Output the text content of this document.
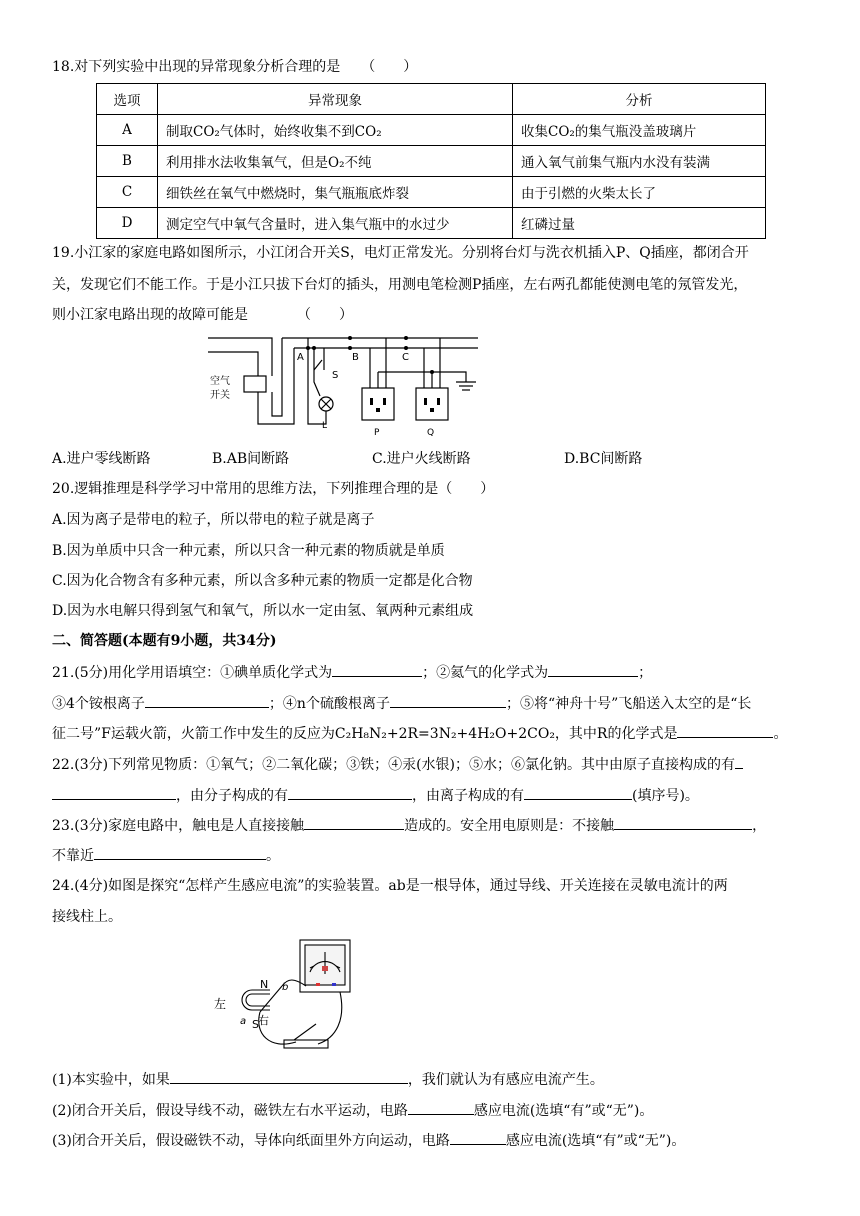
18.对下列实验中出现的异常现象分析合理的是　　（　　）
选项	异常现象	分析
A	制取CO₂气体时，始终收集不到CO₂	收集CO₂的集气瓶没盖玻璃片
B	利用排水法收集氧气，但是O₂不纯	通入氧气前集气瓶内水没有装满
C	细铁丝在氧气中燃烧时，集气瓶瓶底炸裂	由于引燃的火柴太长了
D	测定空气中氧气含量时，进入集气瓶中的水过少	红磷过量
19.小江家的家庭电路如图所示，小江闭合开关S，电灯正常发光。分别将台灯与洗衣机插入P、Q插座，都闭合开
关，发现它们不能工作。于是小江只拔下台灯的插头，用测电笔检测P插座，左右两孔都能使测电笔的氖管发光，
则小江家电路出现的故障可能是　　　　（　　）
空气
开关
A	B	C
S
L
P	Q
A.进户零线断路	B.AB间断路	C.进户火线断路	D.BC间断路
20.逻辑推理是科学学习中常用的思维方法，下列推理合理的是（　　）
A.因为离子是带电的粒子，所以带电的粒子就是离子
B.因为单质中只含一种元素，所以只含一种元素的物质就是单质
C.因为化合物含有多种元素，所以含多种元素的物质一定都是化合物
D.因为水电解只得到氢气和氧气，所以水一定由氢、氧两种元素组成
二、简答题(本题有9小题，共34分)
21.(5分)用化学用语填空：①碘单质化学式为	；②氦气的化学式为	；
③4个铵根离子	；④n个硫酸根离子	；⑤将“神舟十号”飞船送入太空的是“长
征二号”F运载火箭，火箭工作中发生的反应为C₂H₈N₂+2R=3N₂+4H₂O+2CO₂，其中R的化学式是	。
22.(3分)下列常见物质：①氧气；②二氧化碳；③铁；④汞(水银)；⑤水；⑥氯化钠。其中由原子直接构成的有
，由分子构成的有	，由离子构成的有	(填序号)。
23.(3分)家庭电路中，触电是人直接接触	造成的。安全用电原则是：不接触	，
不靠近	。
24.(4分)如图是探究“怎样产生感应电流”的实验装置。ab是一根导体，通过导线、开关连接在灵敏电流计的两
接线柱上。
左
右
N
S
a
b
(1)本实验中，如果	，我们就认为有感应电流产生。
(2)闭合开关后，假设导线不动，磁铁左右水平运动，电路	感应电流(选填“有”或“无”)。
(3)闭合开关后，假设磁铁不动，导体向纸面里外方向运动，电路	感应电流(选填“有”或“无”)。
